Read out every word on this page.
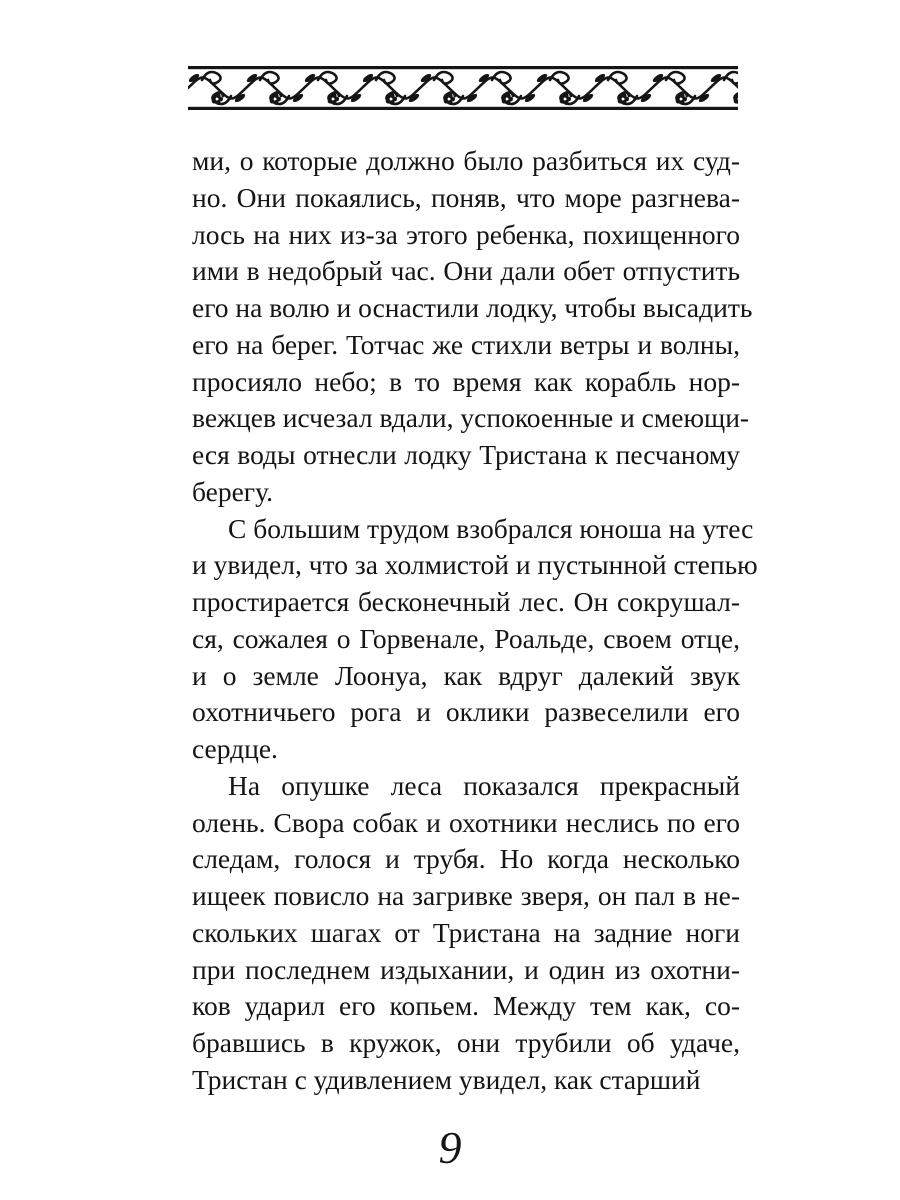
ми, о которые должно было разбиться их суд-
но. Они покаялись, поняв, что море разгнева-
лось на них из-за этого ребенка, похищенного
ими в недобрый час. Они дали обет отпустить
его на волю и оснастили лодку, чтобы высадить
его на берег. Тотчас же стихли ветры и волны,
просияло небо; в то время как корабль нор-
вежцев исчезал вдали, успокоенные и смеющи-
еся воды отнесли лодку Тристана к песчаному
берегу.
С большим трудом взобрался юноша на утес
и увидел, что за холмистой и пустынной степью
простирается бесконечный лес. Он сокрушал-
ся, сожалея о Горвенале, Роальде, своем отце,
и о земле Лоонуа, как вдруг далекий звук
охотничьего рога и оклики развеселили его
сердце.
На опушке леса показался прекрасный
олень. Свора собак и охотники неслись по его
следам, голося и трубя. Но когда несколько
ищеек повисло на загривке зверя, он пал в не-
скольких шагах от Тристана на задние ноги
при последнем издыхании, и один из охотни-
ков ударил его копьем. Между тем как, со-
бравшись в кружок, они трубили об удаче,
Тристан с удивлением увидел, как старший
9
